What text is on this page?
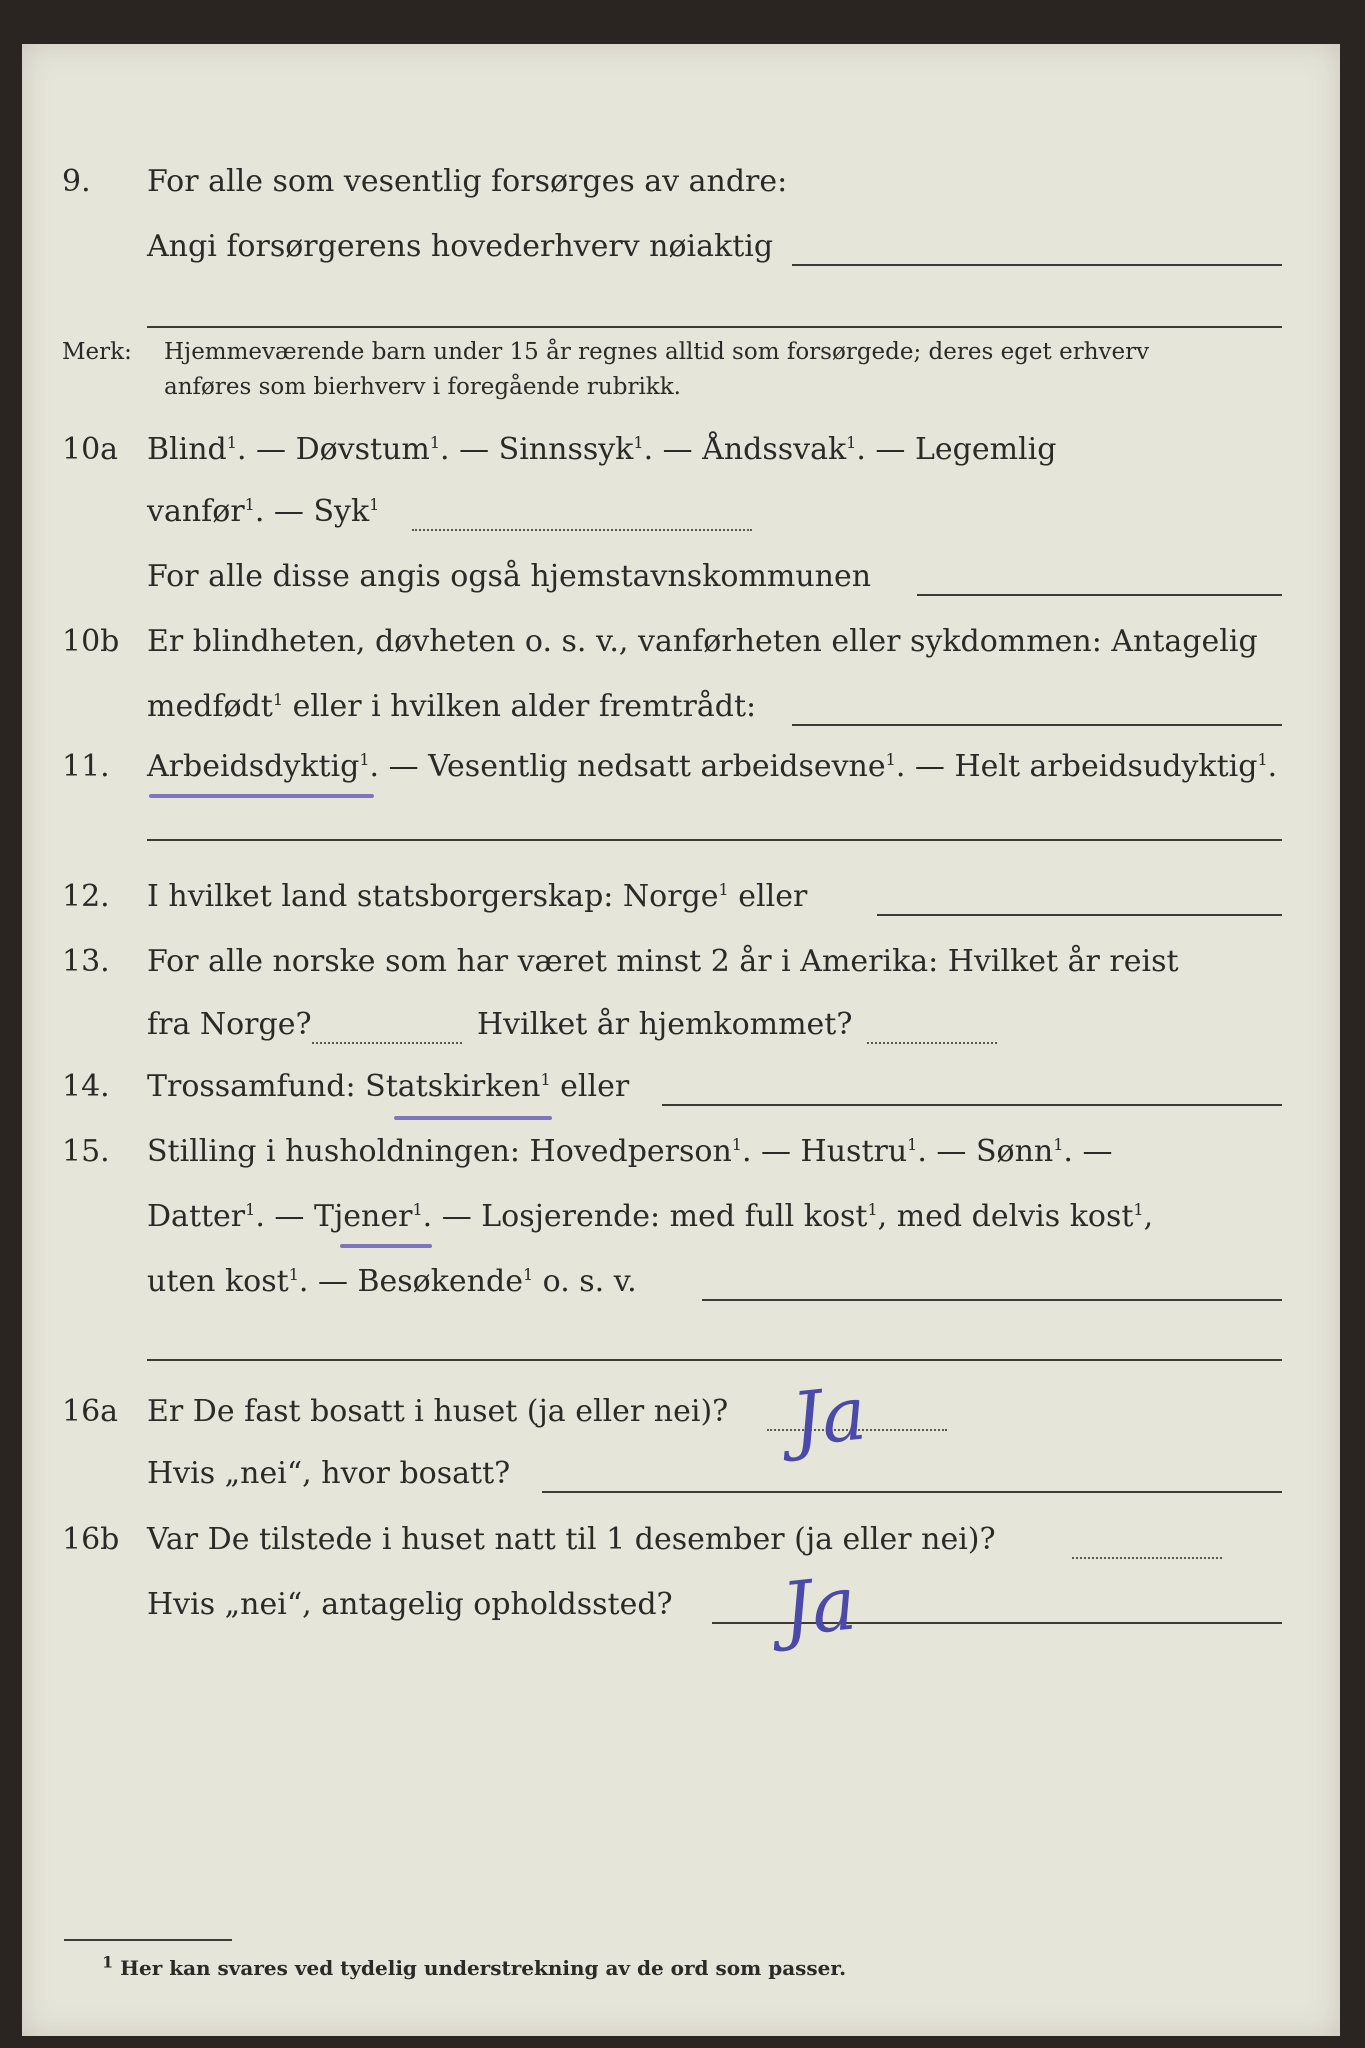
9. For alle som vesentlig forsørges av andre:
Angi forsørgerens hovederhverv nøiaktig
Merk: Hjemmeværende barn under 15 år regnes alltid som forsørgede; deres eget erhverv
anføres som bierhverv i foregående rubrikk.
10a Blind$^1$. — Døvstum$^1$. — Sinnssyk$^1$. — Åndssvak$^1$. — Legemlig
vanfør$^1$. — Syk$^1$
For alle disse angis også hjemstavnskommunen
10b Er blindheten, døvheten o. s. v., vanførheten eller sykdommen: Antagelig
medfødt$^1$ eller i hvilken alder fremtrådt:
11. Arbeidsdyktig$^1$. — Vesentlig nedsatt arbeidsevne$^1$. — Helt arbeidsudyktig$^1$.
12. I hvilket land statsborgerskap: Norge$^1$ eller
13. For alle norske som har været minst 2 år i Amerika: Hvilket år reist
fra Norge?	Hvilket år hjemkommet?
14. Trossamfund: Statskirken$^1$ eller
15. Stilling i husholdningen: Hovedperson$^1$. — Hustru$^1$. — Sønn$^1$. —
Datter$^1$. — Tjener$^1$. — Losjerende: med full kost$^1$, med delvis kost$^1$,
uten kost$^1$. — Besøkende$^1$ o. s. v.
16a Er De fast bosatt i huset (ja eller nei)? Ja
Hvis „nei“, hvor bosatt?
16b Var De tilstede i huset natt til 1 desember (ja eller nei)?
Hvis „nei“, antagelig opholdssted? Ja
$^1$ Her kan svares ved tydelig understrekning av de ord som passer.
